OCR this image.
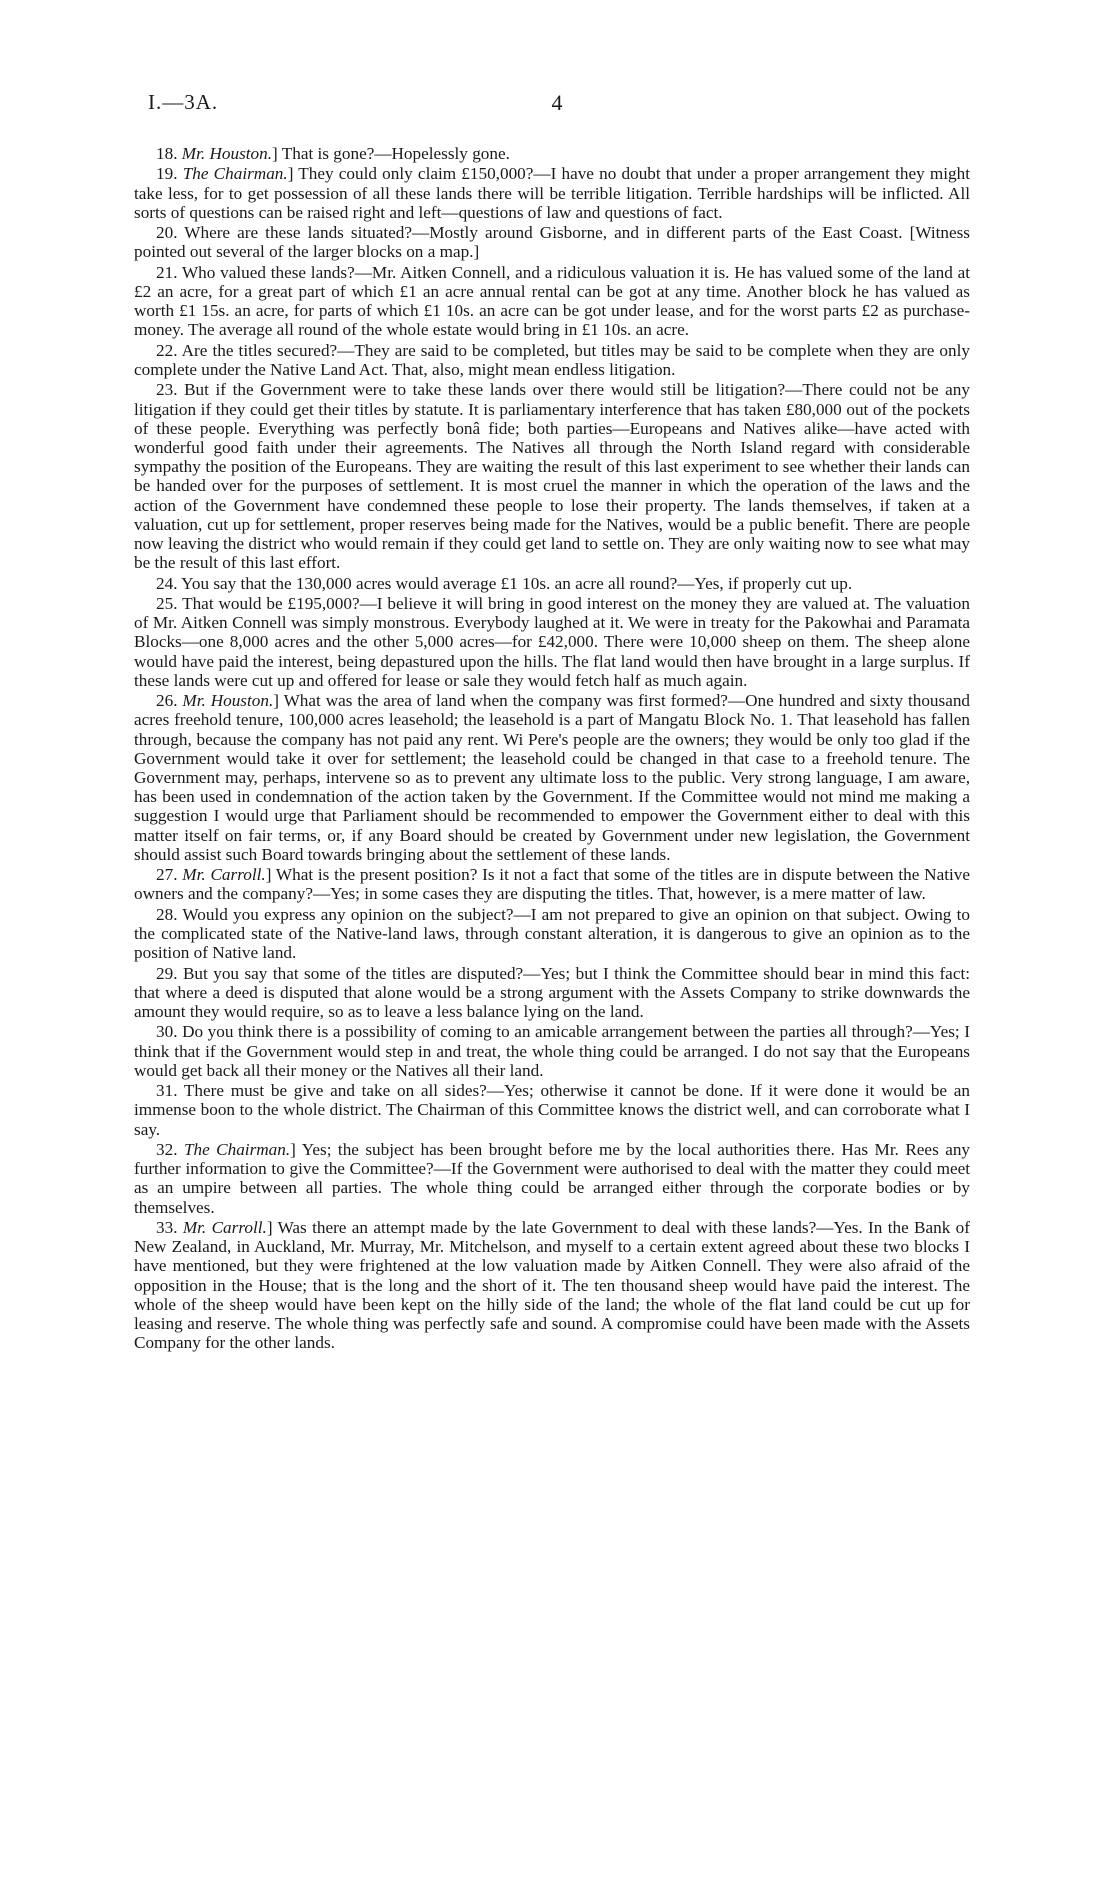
I.—3A.	4

18. Mr. Houston.] That is gone?—Hopelessly gone.

19. The Chairman.] They could only claim £150,000?—I have no doubt that under a proper arrangement they might take less, for to get possession of all these lands there will be terrible litigation. Terrible hardships will be inflicted. All sorts of questions can be raised right and left—questions of law and questions of fact.

20. Where are these lands situated?—Mostly around Gisborne, and in different parts of the East Coast. [Witness pointed out several of the larger blocks on a map.]

21. Who valued these lands?—Mr. Aitken Connell, and a ridiculous valuation it is. He has valued some of the land at £2 an acre, for a great part of which £1 an acre annual rental can be got at any time. Another block he has valued as worth £1 15s. an acre, for parts of which £1 10s. an acre can be got under lease, and for the worst parts £2 as purchase-money. The average all round of the whole estate would bring in £1 10s. an acre.

22. Are the titles secured?—They are said to be completed, but titles may be said to be complete when they are only complete under the Native Land Act. That, also, might mean endless litigation.

23. But if the Government were to take these lands over there would still be litigation?—There could not be any litigation if they could get their titles by statute. It is parliamentary interference that has taken £80,000 out of the pockets of these people. Everything was perfectly bonâ fide; both parties—Europeans and Natives alike—have acted with wonderful good faith under their agreements. The Natives all through the North Island regard with considerable sympathy the position of the Europeans. They are waiting the result of this last experiment to see whether their lands can be handed over for the purposes of settlement. It is most cruel the manner in which the operation of the laws and the action of the Government have condemned these people to lose their property. The lands themselves, if taken at a valuation, cut up for settlement, proper reserves being made for the Natives, would be a public benefit. There are people now leaving the district who would remain if they could get land to settle on. They are only waiting now to see what may be the result of this last effort.

24. You say that the 130,000 acres would average £1 10s. an acre all round?—Yes, if properly cut up.

25. That would be £195,000?—I believe it will bring in good interest on the money they are valued at. The valuation of Mr. Aitken Connell was simply monstrous. Everybody laughed at it. We were in treaty for the Pakowhai and Paramata Blocks—one 8,000 acres and the other 5,000 acres—for £42,000. There were 10,000 sheep on them. The sheep alone would have paid the interest, being depastured upon the hills. The flat land would then have brought in a large surplus. If these lands were cut up and offered for lease or sale they would fetch half as much again.

26. Mr. Houston.] What was the area of land when the company was first formed?—One hundred and sixty thousand acres freehold tenure, 100,000 acres leasehold; the leasehold is a part of Mangatu Block No. 1. That leasehold has fallen through, because the company has not paid any rent. Wi Pere's people are the owners; they would be only too glad if the Government would take it over for settlement; the leasehold could be changed in that case to a freehold tenure. The Government may, perhaps, intervene so as to prevent any ultimate loss to the public. Very strong language, I am aware, has been used in condemnation of the action taken by the Government. If the Committee would not mind me making a suggestion I would urge that Parliament should be recommended to empower the Government either to deal with this matter itself on fair terms, or, if any Board should be created by Government under new legislation, the Government should assist such Board towards bringing about the settlement of these lands.

27. Mr. Carroll.] What is the present position? Is it not a fact that some of the titles are in dispute between the Native owners and the company?—Yes; in some cases they are disputing the titles. That, however, is a mere matter of law.

28. Would you express any opinion on the subject?—I am not prepared to give an opinion on that subject. Owing to the complicated state of the Native-land laws, through constant alteration, it is dangerous to give an opinion as to the position of Native land.

29. But you say that some of the titles are disputed?—Yes; but I think the Committee should bear in mind this fact: that where a deed is disputed that alone would be a strong argument with the Assets Company to strike downwards the amount they would require, so as to leave a less balance lying on the land.

30. Do you think there is a possibility of coming to an amicable arrangement between the parties all through?—Yes; I think that if the Government would step in and treat, the whole thing could be arranged. I do not say that the Europeans would get back all their money or the Natives all their land.

31. There must be give and take on all sides?—Yes; otherwise it cannot be done. If it were done it would be an immense boon to the whole district. The Chairman of this Committee knows the district well, and can corroborate what I say.

32. The Chairman.] Yes; the subject has been brought before me by the local authorities there. Has Mr. Rees any further information to give the Committee?—If the Government were authorised to deal with the matter they could meet as an umpire between all parties. The whole thing could be arranged either through the corporate bodies or by themselves.

33. Mr. Carroll.] Was there an attempt made by the late Government to deal with these lands?—Yes. In the Bank of New Zealand, in Auckland, Mr. Murray, Mr. Mitchelson, and myself to a certain extent agreed about these two blocks I have mentioned, but they were frightened at the low valuation made by Aitken Connell. They were also afraid of the opposition in the House; that is the long and the short of it. The ten thousand sheep would have paid the interest. The whole of the sheep would have been kept on the hilly side of the land; the whole of the flat land could be cut up for leasing and reserve. The whole thing was perfectly safe and sound. A compromise could have been made with the Assets Company for the other lands.
